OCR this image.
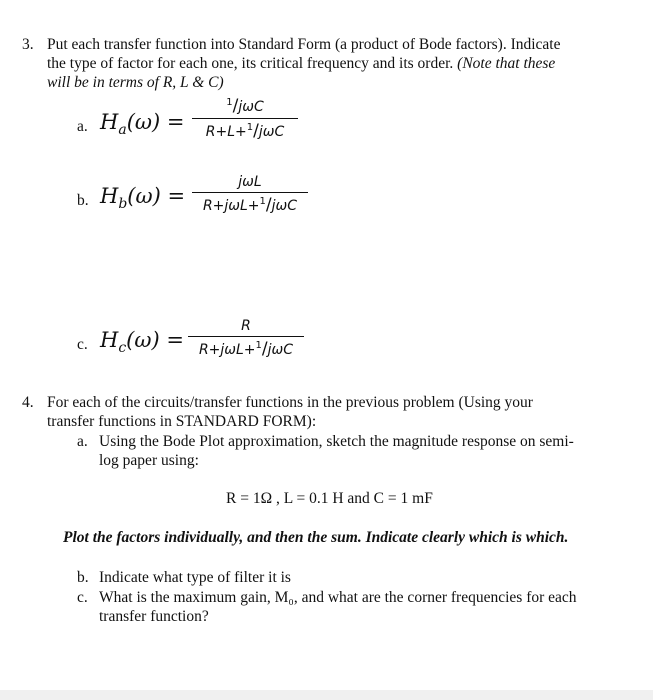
3. Put each transfer function into Standard Form (a product of Bode factors). Indicate
the type of factor for each one, its critical frequency and its order. (Note that these
will be in terms of R, L & C)
a. $H_a(\omega)$ =
$^1$/jωC
R+L+$^1$/jωC
b. $H_b(\omega)$ =
jωL
R+jωL+$^1$/jωC
c. $H_c(\omega)$ =
R
R+jωL+$^1$/jωC
4. For each of the circuits/transfer functions in the previous problem (Using your
transfer functions in STANDARD FORM):
a. Using the Bode Plot approximation, sketch the magnitude response on semi-
log paper using:
R = 1Ω , L = 0.1 H and C = 1 mF
Plot the factors individually, and then the sum. Indicate clearly which is which.
b. Indicate what type of filter it is
c. What is the maximum gain, M₀, and what are the corner frequencies for each
transfer function?
